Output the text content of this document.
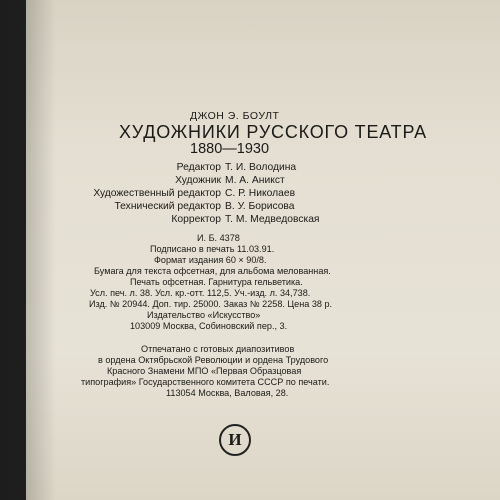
ДЖОН Э. БОУЛТ
ХУДОЖНИКИ РУССКОГО ТЕАТРА
1880—1930
Редактор Т. И. Володина
Художник М. А. Аникст
Художественный редактор С. Р. Николаев
Технический редактор В. У. Борисова
Корректор Т. М. Медведовская
И. Б. 4378
Подписано в печать 11.03.91.
Формат издания 60 × 90/8.
Бумага для текста офсетная, для альбома мелованная.
Печать офсетная. Гарнитура гельветика.
Усл. печ. л. 38. Усл. кр.-отт. 112,5. Уч.-изд. л. 34,738.
Изд. № 20944. Доп. тир. 25000. Заказ № 2258. Цена 38 р.
Издательство «Искусство»
103009 Москва, Собиновский пер., 3.
Отпечатано с готовых диапозитивов
в ордена Октябрьской Революции и ордена Трудового
Красного Знамени МПО «Первая Образцовая
типография» Государственного комитета СССР по печати.
113054 Москва, Валовая, 28.
И
